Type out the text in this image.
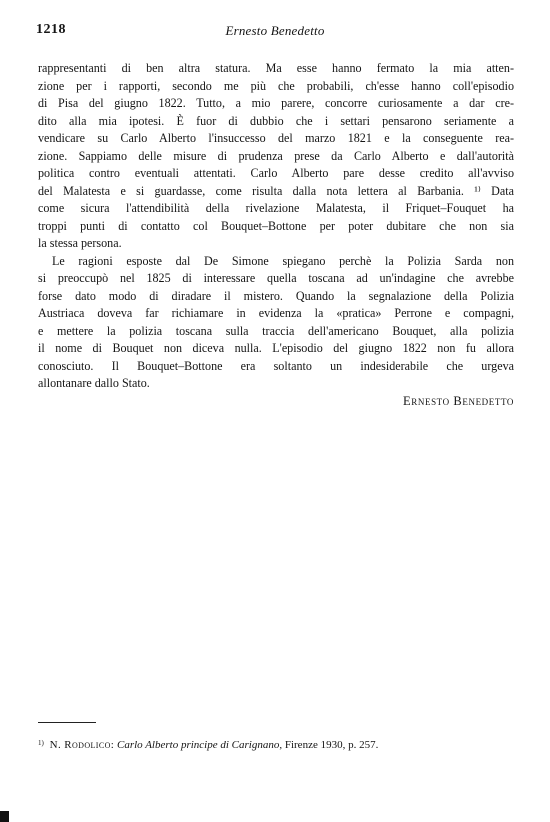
1218	Ernesto Benedetto
rappresentanti di ben altra statura. Ma esse hanno fermato la mia atten-
zione per i rapporti, secondo me più che probabili, ch'esse hanno coll'episodio
di Pisa del giugno 1822. Tutto, a mio parere, concorre curiosamente a dar cre-
dito alla mia ipotesi. È fuor di dubbio che i settari pensarono seriamente a
vendicare su Carlo Alberto l'insuccesso del marzo 1821 e la conseguente rea-
zione. Sappiamo delle misure di prudenza prese da Carlo Alberto e dall'autorità
politica contro eventuali attentati. Carlo Alberto pare desse credito all'avviso
del Malatesta e si guardasse, come risulta dalla nota lettera al Barbania. ¹⁾ Data
come sicura l'attendibilità della rivelazione Malatesta, il Friquet–Fouquet ha
troppi punti di contatto col Bouquet–Bottone per poter dubitare che non sia
la stessa persona.
Le ragioni esposte dal De Simone spiegano perchè la Polizia Sarda non
si preoccupò nel 1825 di interessare quella toscana ad un'indagine che avrebbe
forse dato modo di diradare il mistero. Quando la segnalazione della Polizia
Austriaca doveva far richiamare in evidenza la «pratica» Perrone e compagni,
e mettere la polizia toscana sulla traccia dell'americano Bouquet, alla polizia
il nome di Bouquet non diceva nulla. L'episodio del giugno 1822 non fu allora
conosciuto. Il Bouquet–Bottone era soltanto un indesiderabile che urgeva
allontanare dallo Stato.
Ernesto Benedetto
$^{1)}$ N. Rodolico: Carlo Alberto principe di Carignano, Firenze 1930, p. 257.
